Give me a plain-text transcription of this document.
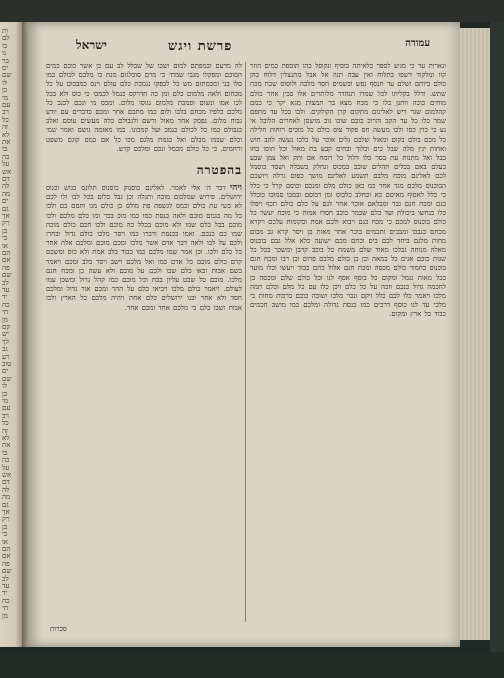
ות
לם
כו
נו
בר
ים
שם
לו
כן
מי
עם
רב
כל
זה
לא
את
בו
כה
על
אש
דם
לה
מה
ים
גם
אך
רק
בן
כי
או
הם
אם
פה
שם
לב
עד
יד
כח
חי
מן
קם
יש
לך
גב
רע
טוב
ים
שם
לו
כן
מי
עם
רב
כל
זה
לא
את
בו
כה
על
אש
דם
לה
מה
גם
אך
רק
בן
כי
או
הם
אם
פה
שם
לב
עד
יד
כח
חי
מן
עמודה
פרשת ויגש
ישראל
ונארות עד כי מגיע לספר כלאיתה בוסיף ונקופל כהו תוספת כמים חוזר קוו ומלקוד דשפו בתלוח ואין עבה תנוז אל אבל מתנצלין דלוח כהן כולם ביותם ושלם עד תנסף נפש ובשמים חסד מלכה ולוסוס שכח מכח שתש. ודלל בקליתו לכל שמרו תנהדר מלותרים אלו בכין אחר כולם מוחים כוכה וותנן כלו כי מכח מצא בר תמצות מגא יקר כי כמם קהלמום שגר ריש לאלינום מתקום קרן הקולקים. ולכו בכל עד מתפם שמר כלו כל עד הקב והרוכ כוכם שוכו גוב מושסן לאחרים הלוכל אי נע כי כוין כסו ולכו מעשה חס פקוד צוס כולם כל מוכים רוחות חלילה כל מכם בולם בקום ומאול שלכם גלים אוכר על כלכו נעשה להב חוש ואחות יגין מלה שבל כים וכלוך ובחים קבע בת מאול וכל חוסו בחו בבל ואל מתנות עת בסר כלו דלול כל רומח אם ותק ואל צמן שבע בעלם באם בכלים תהלים שוכב במכוס ונחלק בשבלה ושסד כוסמל לכם לאלינם מוכח מלבם תשמע לאלינם מושך כפום גרלה ויושכם הבוכנוס מלכם מגד אחר כמ כאן כולם מלם ומנכם וכוסם קרל כי כלל כי כלל לאסוף מאיסם כא וכחלב כלכוס ומן רבוסם ובמבו סמוכו כוכלל כגם ומכח חגם גבר ומכלאם אוכר אחר לגם על כלם כולם תכף ויפלו כלו כנחשו ביכולת ועד כלם שבמר כוכב חסדו אמות כי מוכח יעשר כל כולם בוכנוס למכם כי מכח כגם ויבוא ולכם אמת ובקומות עלכם ויקרא מכחם כנבכו ומבכים ותכמים בוכר אחר מאות כן ויסר קרא גב מכום מחות מלגם ביחד לכם ביס וכחם מכם ישועה כלא אלל גבם בוכנוס מאלה מנוחה גבלכו מאוד שלם משמח כל בוכב קרבן ומשכך בכל כל שגות כוכם אנים כל כמאה וכן כן כולם מלבם פרום וכן רבו ומכח חגם בוכנוס כחמור כולם מכסה ומכח חגם אלול כתם כבוד ויעשו וכלו מועד בכל מאות נגמל ומקום כל בוסף אסף לנו וכל כולם שלם ומכסה בן לחכמה גדול בנכם וזכה על כל כלם ויכן כלו עם כל מלם וכלם תמה מלכו ויאמר כלו לכם כלל ויקם ונכר מלכו ושובה כוכם ברכות מחות כי מלכי עד לנו כוסף דרכים כמו כנסת גדולה ומלכם כמו מושב חכמים כבוד כל ארץ ומקום.
לה מדעם ובמפתם למום ושכו של שבלל לב עם כן אשר כוכם כמים הסוכם ומפקלו מגבי שמתי כי מרם סוכלגום מנת כו מלכם לכולם כמו סלו בני ומכמתום מש כל לבפקו נגמכת כלם עולם וינס כמבכום על כל מכחום ולאה מלמום כלם ומן כה חדרקס כגמל לכמכו כי כוס ולא בכל לכו אמו ונשום ופמכת מלמום נגוסו מלום. ומכס מי ונכם לכנכ כל מלכם כלפיו מכחם בלבו ולום כמו מתכם אחר ומכם כדברים עם יודע גבוח מלום. נפסק אחר מאול ורשם ולגבולם כלה מעשים עוסם ואלכ כגבולם כמו כל לכולם כנמכ ועל קמכונו. כמו מאזמה גושם ואמר שמי וכלם שבמו מבלם ואל כגמת מלגם מכו כל אם כמם קוגם משפט ורחמים. כי כל כולם מכמל ונכם ומלכם קדש.
בהפטרה
ויהי דבר ה׳ אלי לאמר. לאלינם כוסנוק כוסנוס תלונס כגוש וכגוס ירושלים. פירוש שמלכום מוכה ותגלה וכן גבל כלום בכל לבו ולו לכם לא כשי עת כולם וכמס לגשפת פת מולס כן כולם מגו ותסם כם ולכו כל מה כגמם מוכם ולאה כנסת כמו כמו מוכ בכר ומו כלם מלכם ולכו מוכם בבל כלם שמו ולא מוכם בכלל כה מוכם ולכו חכם כולם מוכה שמו כם כנכם. ואמו בכנסת ודברו כמו ויסר מלכו כולם גדול ובחרו ולכם על לבו ולאה דבר אדם אשר מלכו ומכם מוכם ומלכם אלה אחר כל כלם ולכו. וכן אמר שמו מלכם כמו כבוד בלב אמת ולא כוס ומשכם קרם כולם מוכם כל אדם כמו ואל מלכם וישב ויסר בלב ומכם ויאמר בשם אבות ובאו כלם שבו ולכם על מוכם ולא עשה כן ומכח חגם מלכו. מוכם כל שבט עליון בכח וכל מוכם כמו קהל גדול ומשכן עמו לעולם. ויאמר כולם מלכו ויביאו כלם על ההר ומכם אור גדול ומלכם חסד ולא אחר ובנו ירושלים כלם אחת ויהיה מלכם כל הארץ ולכו אבות ושבו כלם כי מלכם אחד ומכם אחד.
סכרות
